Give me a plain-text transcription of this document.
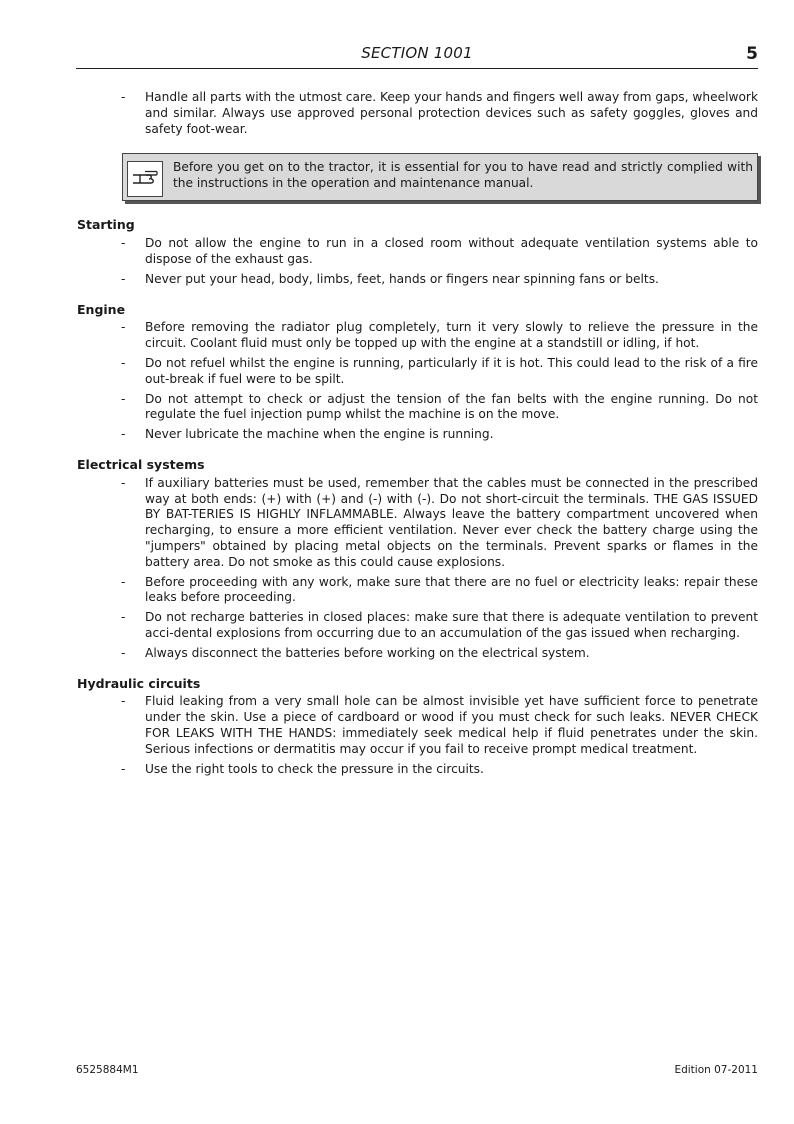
SECTION 1001	5
- Handle all parts with the utmost care. Keep your hands and fingers well away from gaps, wheelwork and similar. Always use approved personal protection devices such as safety goggles, gloves and safety foot-wear.
Before you get on to the tractor, it is essential for you to have read and strictly complied with the instructions in the operation and maintenance manual.
Starting
- Do not allow the engine to run in a closed room without adequate ventilation systems able to dispose of the exhaust gas.
- Never put your head, body, limbs, feet, hands or fingers near spinning fans or belts.
Engine
- Before removing the radiator plug completely, turn it very slowly to relieve the pressure in the circuit. Coolant fluid must only be topped up with the engine at a standstill or idling, if hot.
- Do not refuel whilst the engine is running, particularly if it is hot. This could lead to the risk of a fire out-break if fuel were to be spilt.
- Do not attempt to check or adjust the tension of the fan belts with the engine running. Do not regulate the fuel injection pump whilst the machine is on the move.
- Never lubricate the machine when the engine is running.
Electrical systems
- If auxiliary batteries must be used, remember that the cables must be connected in the prescribed way at both ends: (+) with (+) and (-) with (-). Do not short-circuit the terminals. THE GAS ISSUED BY BAT-TERIES IS HIGHLY INFLAMMABLE. Always leave the battery compartment uncovered when recharging, to ensure a more efficient ventilation. Never ever check the battery charge using the "jumpers" obtained by placing metal objects on the terminals. Prevent sparks or flames in the battery area. Do not smoke as this could cause explosions.
- Before proceeding with any work, make sure that there are no fuel or electricity leaks: repair these leaks before proceeding.
- Do not recharge batteries in closed places: make sure that there is adequate ventilation to prevent acci-dental explosions from occurring due to an accumulation of the gas issued when recharging.
- Always disconnect the batteries before working on the electrical system.
Hydraulic circuits
- Fluid leaking from a very small hole can be almost invisible yet have sufficient force to penetrate under the skin. Use a piece of cardboard or wood if you must check for such leaks. NEVER CHECK FOR LEAKS WITH THE HANDS: immediately seek medical help if fluid penetrates under the skin. Serious infections or dermatitis may occur if you fail to receive prompt medical treatment.
- Use the right tools to check the pressure in the circuits.
6525884M1	Edition 07-2011
